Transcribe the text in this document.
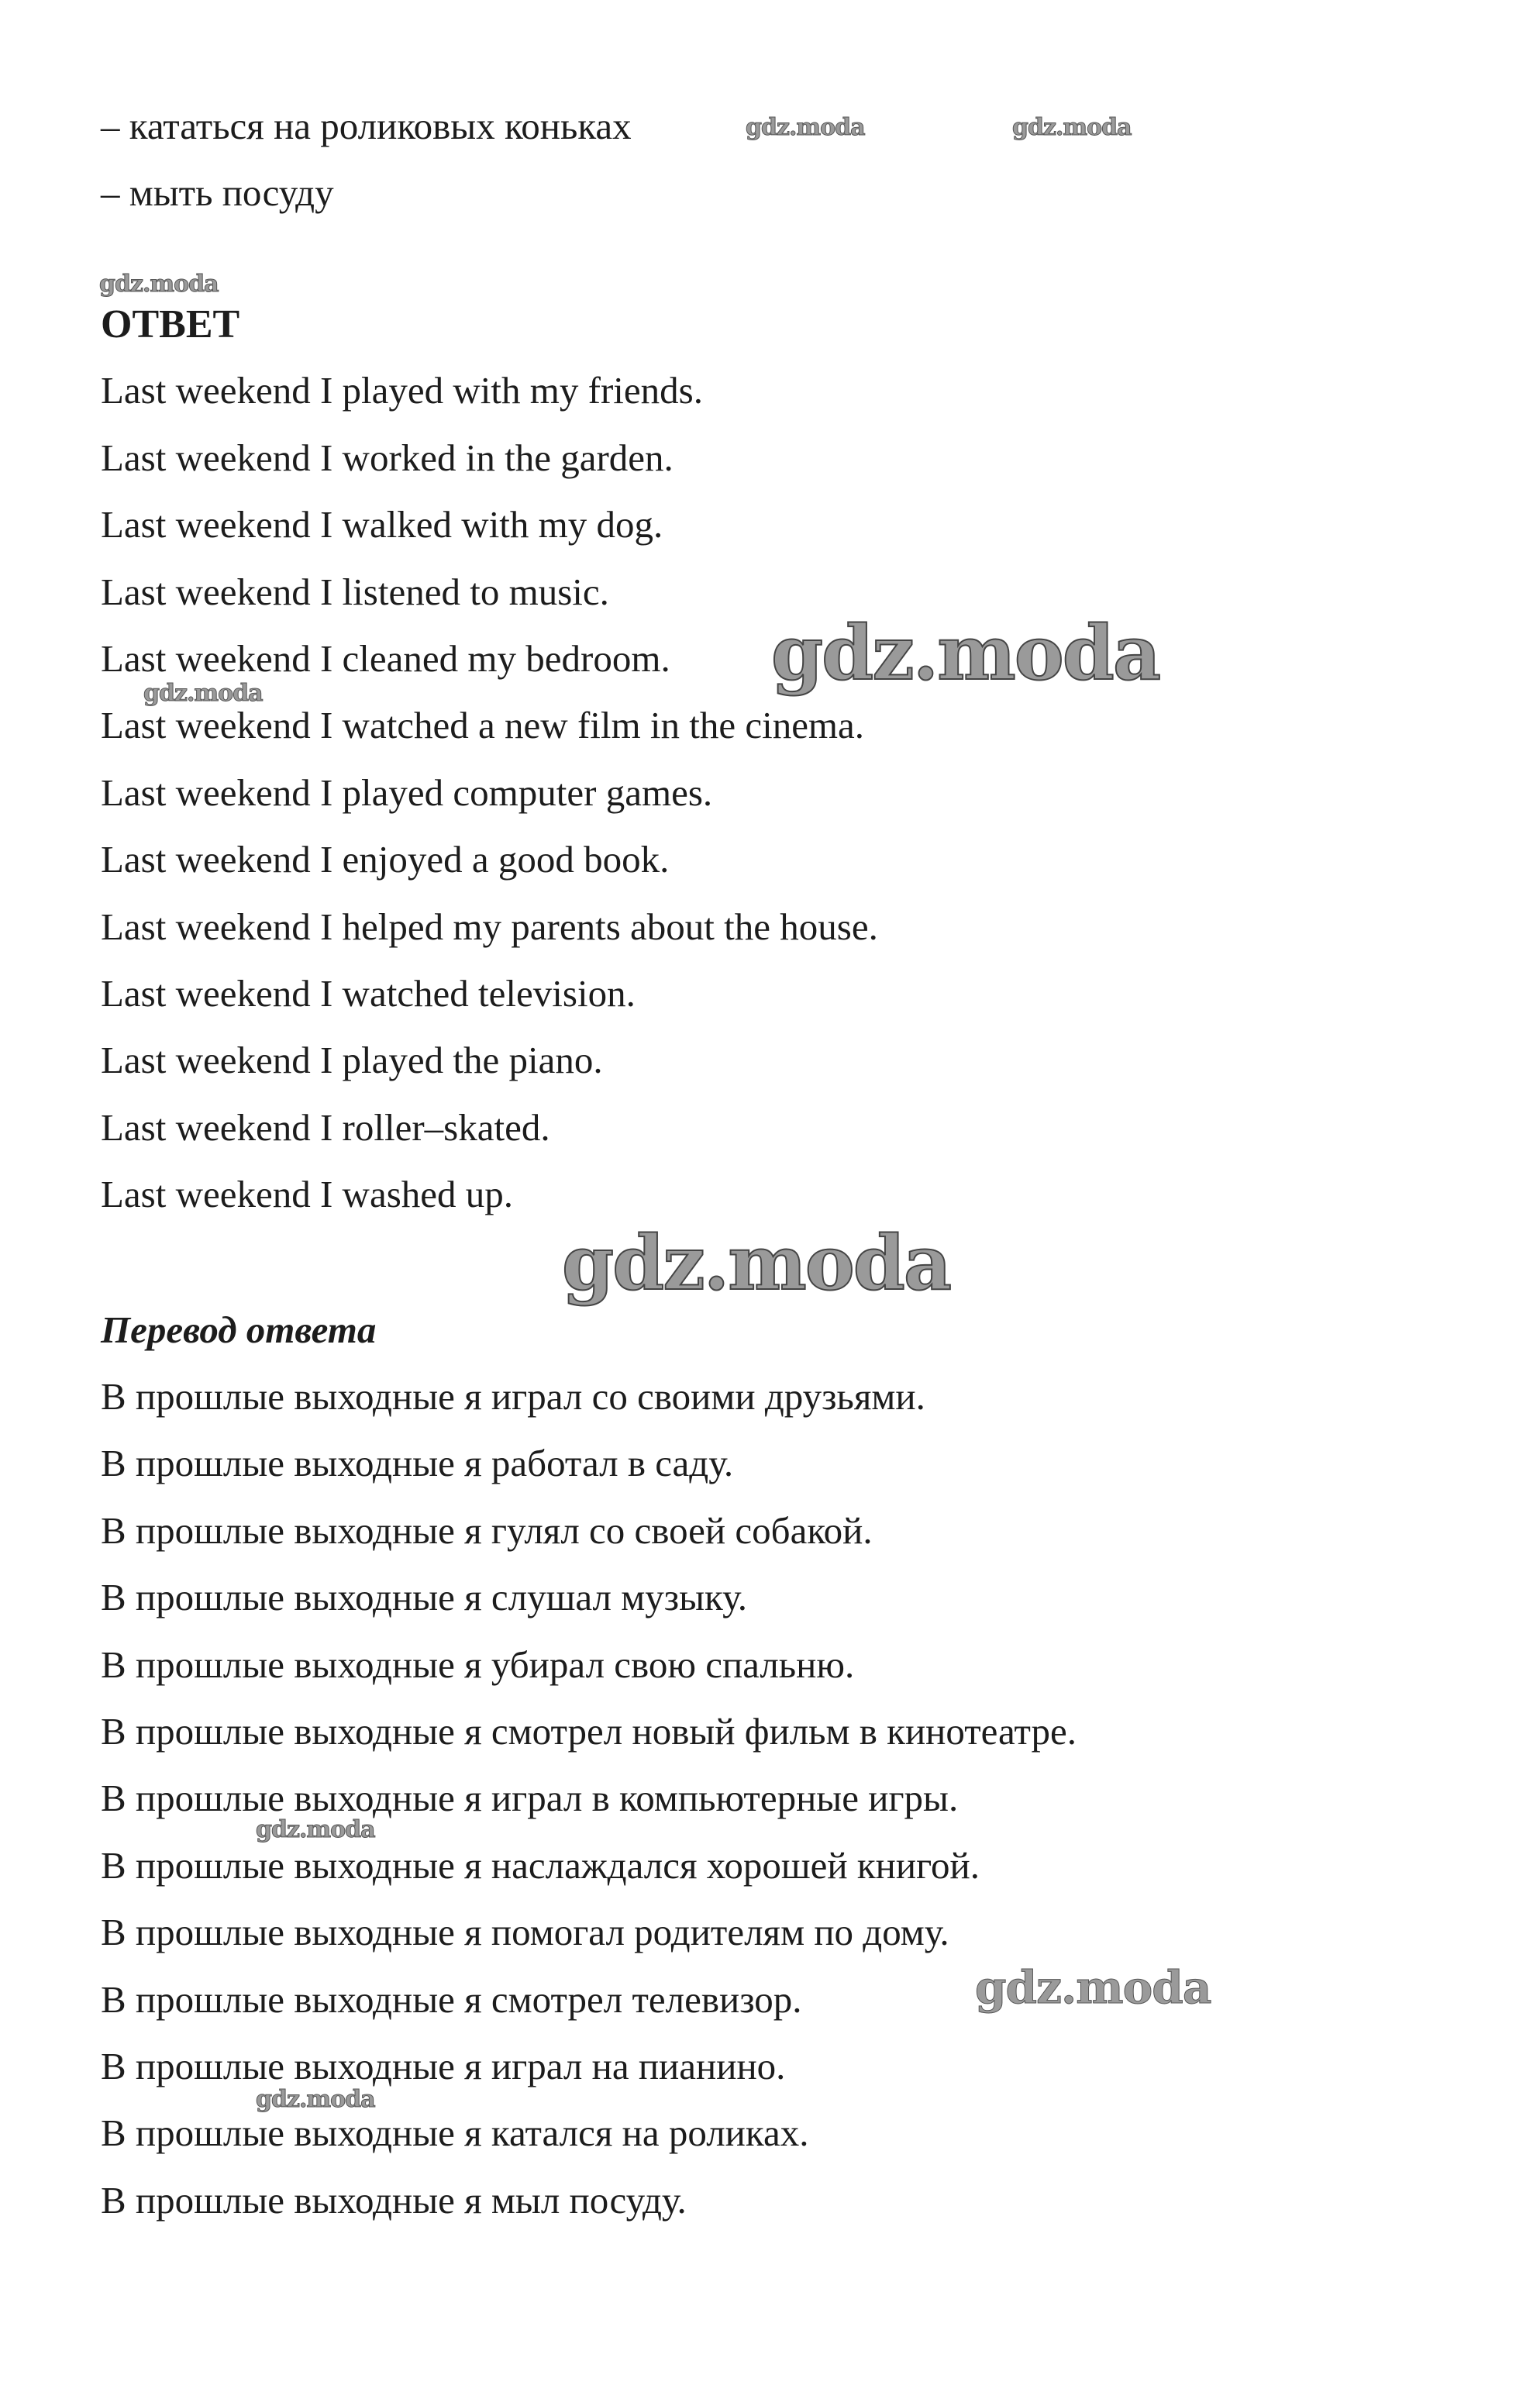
– кататься на роликовых коньках
– мыть посуду
ОТВЕТ
Last weekend I played with my friends.
Last weekend I worked in the garden.
Last weekend I walked with my dog.
Last weekend I listened to music.
Last weekend I cleaned my bedroom.
Last weekend I watched a new film in the cinema.
Last weekend I played computer games.
Last weekend I enjoyed a good book.
Last weekend I helped my parents about the house.
Last weekend I watched television.
Last weekend I played the piano.
Last weekend I roller–skated.
Last weekend I washed up.
Перевод ответа
В прошлые выходные я играл со своими друзьями.
В прошлые выходные я работал в саду.
В прошлые выходные я гулял со своей собакой.
В прошлые выходные я слушал музыку.
В прошлые выходные я убирал свою спальню.
В прошлые выходные я смотрел новый фильм в кинотеатре.
В прошлые выходные я играл в компьютерные игры.
В прошлые выходные я наслаждался хорошей книгой.
В прошлые выходные я помогал родителям по дому.
В прошлые выходные я смотрел телевизор.
В прошлые выходные я играл на пианино.
В прошлые выходные я катался на роликах.
В прошлые выходные я мыл посуду.
gdz.moda	gdz.moda
gdz.moda
gdz.moda
gdz.moda
gdz.moda
gdz.moda
gdz.moda
gdz.moda
